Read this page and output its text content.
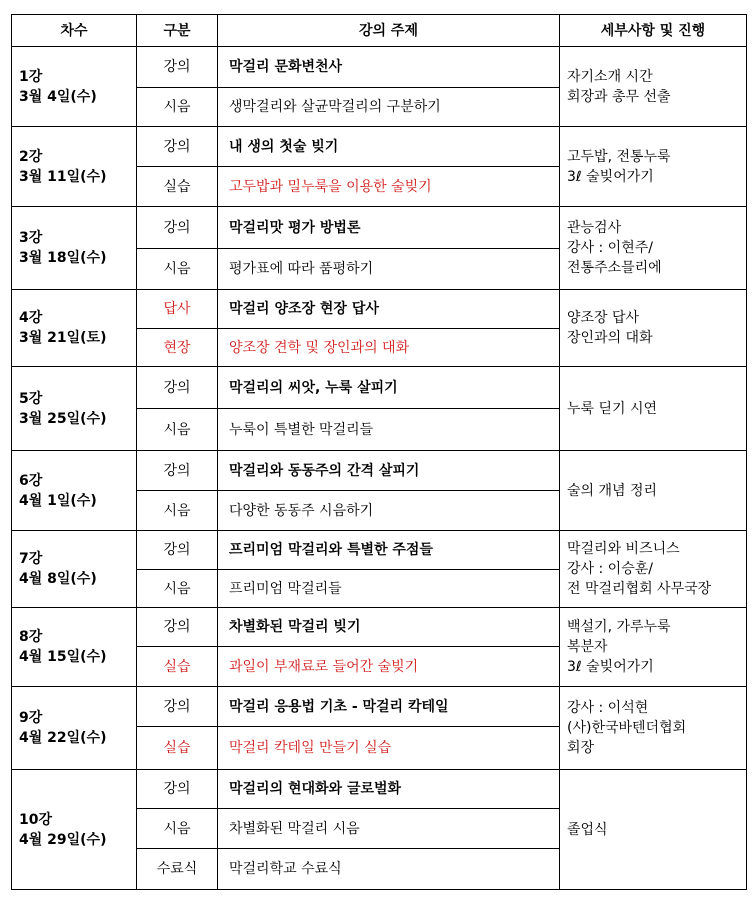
차수	구분	강의 주제	세부사항 및 진행

1강
3월 4일(수)	강의	막걸리 문화변천사	자기소개 시간
회장과 총무 선출

	시음	생막걸리와 살균막걸리의 구분하기	

2강
3월 11일(수)	강의	내 생의 첫술 빚기	고두밥, 전통누룩
3ℓ 술빚어가기

	실습	고두밥과 밀누룩을 이용한 술빚기	

3강
3월 18일(수)	강의	막걸리맛 평가 방법론	관능검사
강사 : 이현주/
전통주소믈리에

	시음	평가표에 따라 품평하기	

4강
3월 21일(토)	답사	막걸리 양조장 현장 답사	양조장 답사
장인과의 대화

	현장	양조장 견학 및 장인과의 대화	

5강
3월 25일(수)	강의	막걸리의 씨앗, 누룩 살피기	누룩 딛기 시연

	시음	누룩이 특별한 막걸리들	

6강
4월 1일(수)	강의	막걸리와 동동주의 간격 살피기	술의 개념 정리

	시음	다양한 동동주 시음하기	

7강
4월 8일(수)	강의	프리미엄 막걸리와 특별한 주점들	막걸리와 비즈니스
강사 : 이승훈/
전 막걸리협회 사무국장

	시음	프리미엄 막걸리들	

8강
4월 15일(수)	강의	차별화된 막걸리 빚기	백설기, 가루누룩
복분자
3ℓ 술빚어가기

	실습	과일이 부재료로 들어간 술빚기	

9강
4월 22일(수)	강의	막걸리 응용법 기초 - 막걸리 칵테일	강사 : 이석현
(사)한국바텐더협회
회장

	실습	막걸리 칵테일 만들기 실습	

10강
4월 29일(수)	강의	막걸리의 현대화와 글로벌화	졸업식

	시음	차별화된 막걸리 시음	
	수료식	막걸리학교 수료식	
